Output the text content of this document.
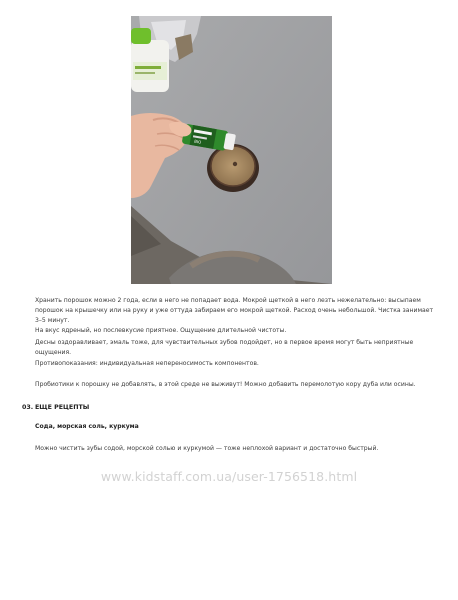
BIO

Хранить порошок можно 2 года, если в него не попадает вода. Мокрой щеткой в него лезть нежелательно: высыпаем порошок на крышечку или на руку и уже оттуда забираем его мокрой щеткой. Расход очень небольшой. Чистка занимает 3–5 минут.
На вкус ядреный, но послевкусие приятное. Ощущение длительной чистоты.

Десны оздоравливает, эмаль тоже, для чувствительных зубов подойдет, но в первое время могут быть неприятные ощущения.

Противопоказания: индивидуальная непереносимость компонентов.

Пробиотики к порошку не добавлять, в этой среде не выживут! Можно добавить перемолотую кору дуба или осины.

03. ЕЩЕ РЕЦЕПТЫ
Сода, морская соль, куркума

Можно чистить зубы содой, морской солью и куркумой — тоже неплохой вариант и достаточно быстрый.

www.kidstaff.com.ua/user-1756518.html
